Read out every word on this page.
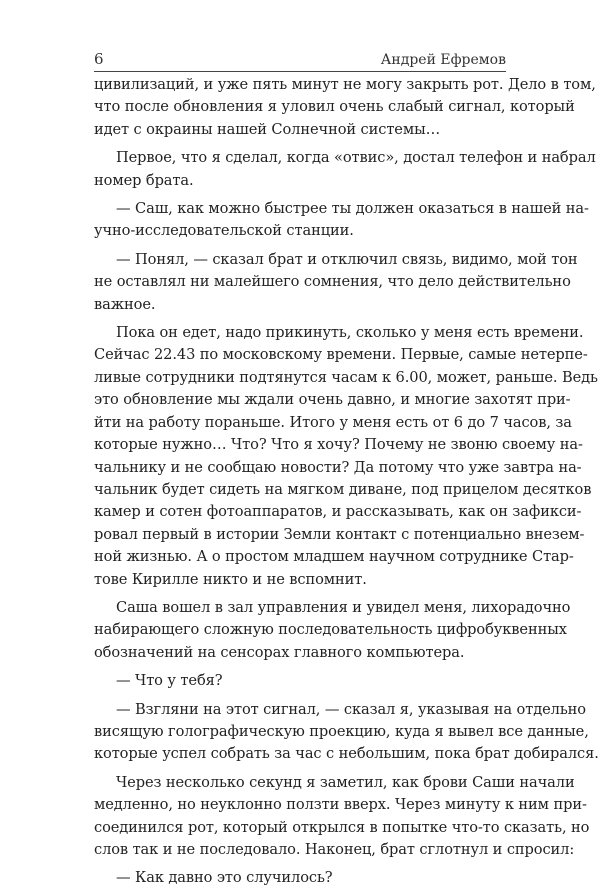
6	Андрей Ефремов

цивилизаций, и уже пять минут не могу закрыть рот. Дело в том,
что после обновления я уловил очень слабый сигнал, который
идет с окраины нашей Солнечной системы…

Первое, что я сделал, когда «отвис», достал телефон и набрал
номер брата.

— Саш, как можно быстрее ты должен оказаться в нашей на-
учно-исследовательской станции.

— Понял, — сказал брат и отключил связь, видимо, мой тон
не оставлял ни малейшего сомнения, что дело действительно
важное.

Пока он едет, надо прикинуть, сколько у меня есть времени.
Сейчас 22.43 по московскому времени. Первые, самые нетерпе-
ливые сотрудники подтянутся часам к 6.00, может, раньше. Ведь
это обновление мы ждали очень давно, и многие захотят при-
йти на работу пораньше. Итого у меня есть от 6 до 7 часов, за
которые нужно… Что? Что я хочу? Почему не звоню своему на-
чальнику и не сообщаю новости? Да потому что уже завтра на-
чальник будет сидеть на мягком диване, под прицелом десятков
камер и сотен фотоаппаратов, и рассказывать, как он зафикси-
ровал первый в истории Земли контакт с потенциально внезем-
ной жизнью. А о простом младшем научном сотруднике Стар-
тове Кирилле никто и не вспомнит.

Саша вошел в зал управления и увидел меня, лихорадочно
набирающего сложную последовательность цифробуквенных
обозначений на сенсорах главного компьютера.

— Что у тебя?

— Взгляни на этот сигнал, — сказал я, указывая на отдельно
висящую голографическую проекцию, куда я вывел все данные,
которые успел собрать за час с небольшим, пока брат добирался.

Через несколько секунд я заметил, как брови Саши начали
медленно, но неуклонно ползти вверх. Через минуту к ним при-
соединился рот, который открылся в попытке что-то сказать, но
слов так и не последовало. Наконец, брат сглотнул и спросил:

— Как давно это случилось?
